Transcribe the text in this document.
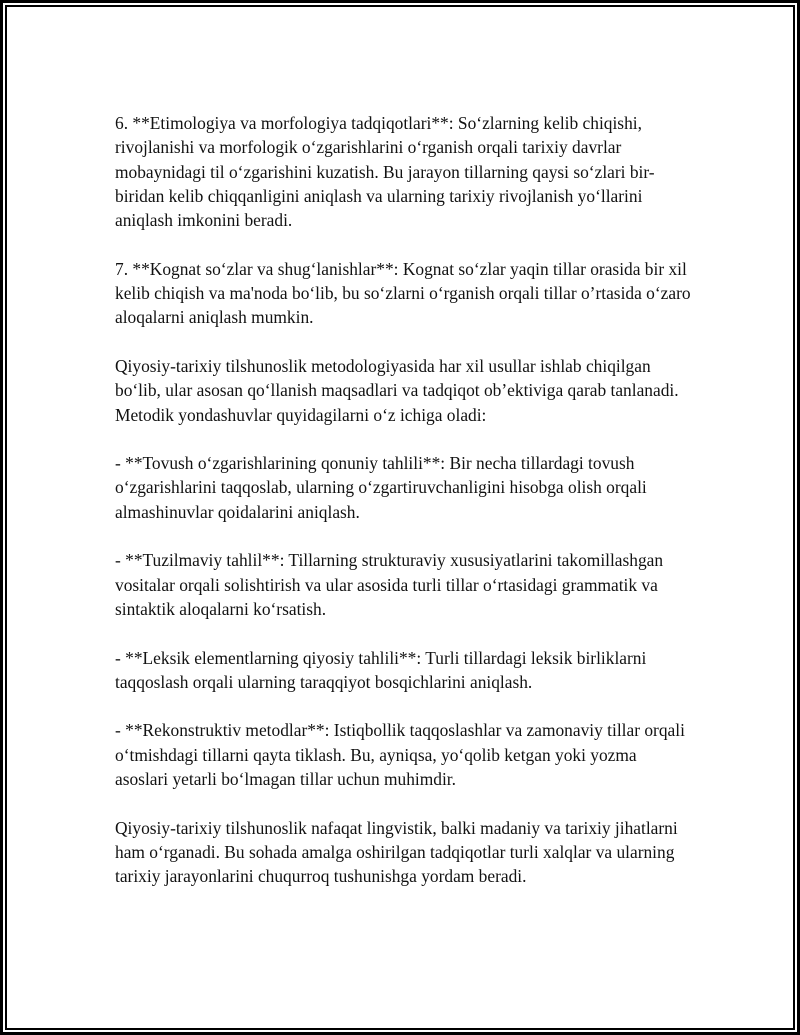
6. **Etimologiya va morfologiya tadqiqotlari**: So‘zlarning kelib chiqishi, rivojlanishi va morfologik o‘zgarishlarini o‘rganish orqali tarixiy davrlar mobaynidagi til o‘zgarishini kuzatish. Bu jarayon tillarning qaysi so‘zlari bir-biridan kelib chiqqanligini aniqlash va ularning tarixiy rivojlanish yo‘llarini aniqlash imkonini beradi.

7. **Kognat so‘zlar va shug‘lanishlar**: Kognat so‘zlar yaqin tillar orasida bir xil kelib chiqish va ma'noda bo‘lib, bu so‘zlarni o‘rganish orqali tillar o’rtasida o‘zaro aloqalarni aniqlash mumkin.

Qiyosiy-tarixiy tilshunoslik metodologiyasida har xil usullar ishlab chiqilgan bo‘lib, ular asosan qo‘llanish maqsadlari va tadqiqot ob’ektiviga qarab tanlanadi. Metodik yondashuvlar quyidagilarni o‘z ichiga oladi:

- **Tovush o‘zgarishlarining qonuniy tahlili**: Bir necha tillardagi tovush o‘zgarishlarini taqqoslab, ularning o‘zgartiruvchanligini hisobga olish orqali almashinuvlar qoidalarini aniqlash.

- **Tuzilmaviy tahlil**: Tillarning strukturaviy xususiyatlarini takomillashgan vositalar orqali solishtirish va ular asosida turli tillar o‘rtasidagi grammatik va sintaktik aloqalarni ko‘rsatish.

- **Leksik elementlarning qiyosiy tahlili**: Turli tillardagi leksik birliklarni taqqoslash orqali ularning taraqqiyot bosqichlarini aniqlash.

- **Rekonstruktiv metodlar**: Istiqbollik taqqoslashlar va zamonaviy tillar orqali o‘tmishdagi tillarni qayta tiklash. Bu, ayniqsa, yo‘qolib ketgan yoki yozma asoslari yetarli bo‘lmagan tillar uchun muhimdir.

Qiyosiy-tarixiy tilshunoslik nafaqat lingvistik, balki madaniy va tarixiy jihatlarni ham o‘rganadi. Bu sohada amalga oshirilgan tadqiqotlar turli xalqlar va ularning tarixiy jarayonlarini chuqurroq tushunishga yordam beradi.
